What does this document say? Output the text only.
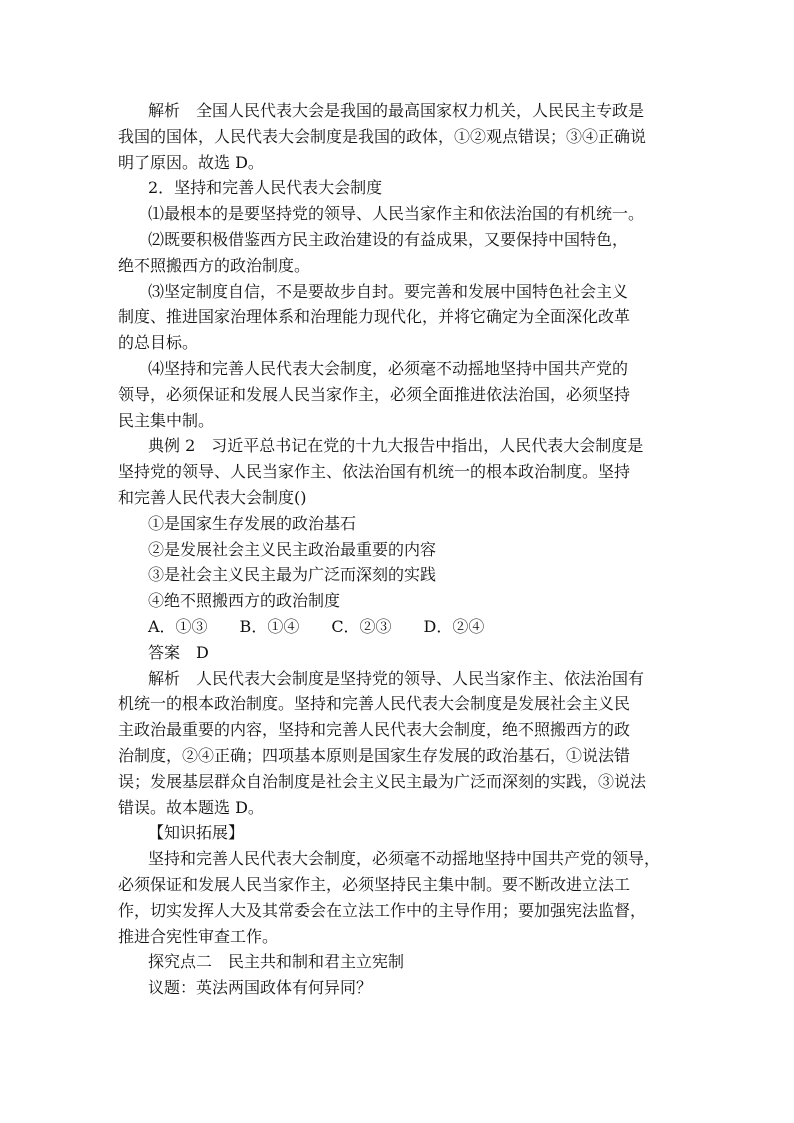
解析　全国人民代表大会是我国的最高国家权力机关，人民民主专政是
我国的国体，人民代表大会制度是我国的政体，①②观点错误；③④正确说
明了原因。故选 D。
2．坚持和完善人民代表大会制度
⑴最根本的是要坚持党的领导、人民当家作主和依法治国的有机统一。
⑵既要积极借鉴西方民主政治建设的有益成果，又要保持中国特色，
绝不照搬西方的政治制度。
⑶坚定制度自信，不是要故步自封。要完善和发展中国特色社会主义
制度、推进国家治理体系和治理能力现代化，并将它确定为全面深化改革
的总目标。
⑷坚持和完善人民代表大会制度，必须毫不动摇地坚持中国共产党的
领导，必须保证和发展人民当家作主，必须全面推进依法治国，必须坚持
民主集中制。
典例 2　习近平总书记在党的十九大报告中指出，人民代表大会制度是
坚持党的领导、人民当家作主、依法治国有机统一的根本政治制度。坚持
和完善人民代表大会制度()
①是国家生存发展的政治基石
②是发展社会主义民主政治最重要的内容
③是社会主义民主最为广泛而深刻的实践
④绝不照搬西方的政治制度
A．①③　　B．①④　　C．②③　　D．②④
答案　D
解析　人民代表大会制度是坚持党的领导、人民当家作主、依法治国有
机统一的根本政治制度。坚持和完善人民代表大会制度是发展社会主义民
主政治最重要的内容，坚持和完善人民代表大会制度，绝不照搬西方的政
治制度，②④正确；四项基本原则是国家生存发展的政治基石，①说法错
误；发展基层群众自治制度是社会主义民主最为广泛而深刻的实践，③说法
错误。故本题选 D。
【知识拓展】
坚持和完善人民代表大会制度，必须毫不动摇地坚持中国共产党的领导，
必须保证和发展人民当家作主，必须坚持民主集中制。要不断改进立法工
作，切实发挥人大及其常委会在立法工作中的主导作用；要加强宪法监督，
推进合宪性审查工作。
探究点二　民主共和制和君主立宪制
议题：英法两国政体有何异同？
